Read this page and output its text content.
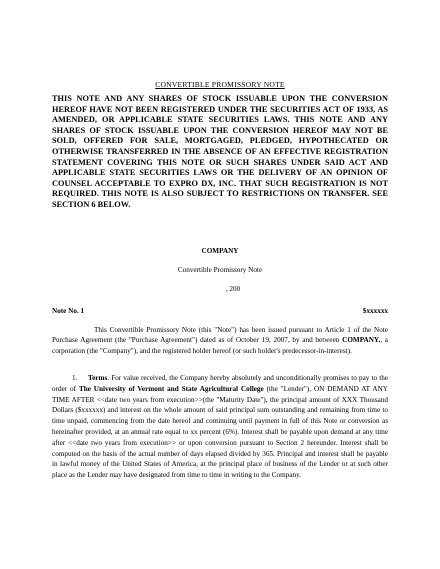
CONVERTIBLE PROMISSORY NOTE

THIS NOTE AND ANY SHARES OF STOCK ISSUABLE UPON THE CONVERSION HEREOF HAVE NOT BEEN REGISTERED UNDER THE SECURITIES ACT OF 1933, AS AMENDED, OR APPLICABLE STATE SECURITIES LAWS. THIS NOTE AND ANY SHARES OF STOCK ISSUABLE UPON THE CONVERSION HEREOF MAY NOT BE SOLD, OFFERED FOR SALE, MORTGAGED, PLEDGED, HYPOTHECATED OR OTHERWISE TRANSFERRED IN THE ABSENCE OF AN EFFECTIVE REGISTRATION STATEMENT COVERING THIS NOTE OR SUCH SHARES UNDER SAID ACT AND APPLICABLE STATE SECURITIES LAWS OR THE DELIVERY OF AN OPINION OF COUNSEL ACCEPTABLE TO EXPRO DX, INC. THAT SUCH REGISTRATION IS NOT REQUIRED. THIS NOTE IS ALSO SUBJECT TO RESTRICTIONS ON TRANSFER. SEE SECTION 6 BELOW.

COMPANY

Convertible Promissory Note

, 200

Note No. 1	$xxxxxx

This Convertible Promissory Note (this "Note") has been issued pursuant to Article 1 of the Note Purchase Agreement (the "Purchase Agreement") dated as of October 19, 2007, by and between COMPANY., a corporation (the "Company"), and the registered holder hereof (or such holder's predecessor-in-interest).

1. Terms. For value received, the Company hereby absolutely and unconditionally promises to pay to the order of The University of Vermont and State Agricultural College (the "Lender"), ON DEMAND AT ANY TIME AFTER <<date two years from execution>>(the "Maturity Date"), the principal amount of XXX Thousand Dollars ($xxxxxx) and interest on the whole amount of said principal sum outstanding and remaining from time to time unpaid, commencing from the date hereof and continuing until payment in full of this Note or conversion as hereinafter provided, at an annual rate equal to xx percent (6%). Interest shall be payable upon demand at any time after <<date two years from execution>> or upon conversion pursuant to Section 2 hereunder. Interest shall be computed on the basis of the actual number of days elapsed divided by 365. Principal and interest shall be payable in lawful money of the United States of America, at the principal place of business of the Lender or at such other place as the Lender may have designated from time to time in writing to the Company.
